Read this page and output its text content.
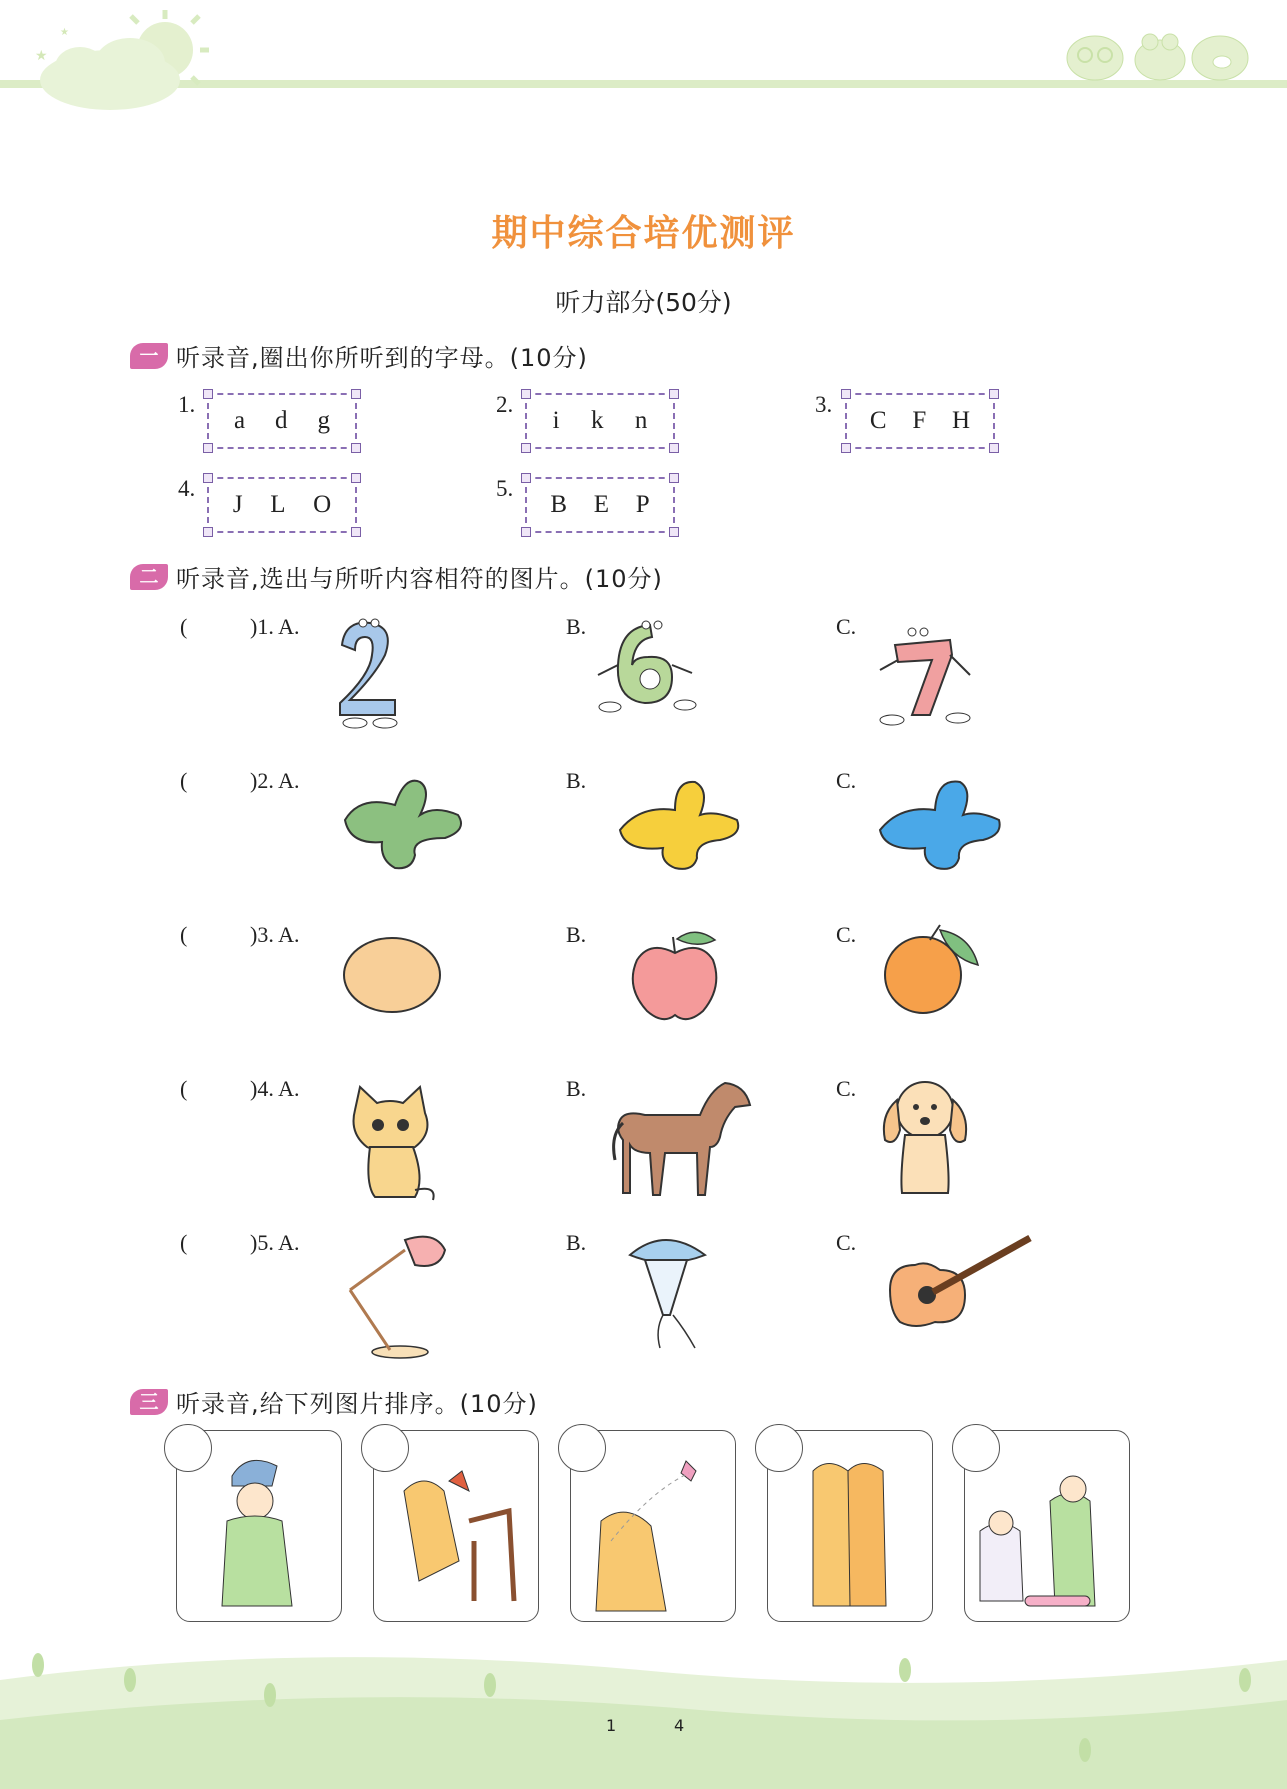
★
★
期中综合培优测评
听力部分(50分)
一 听录音,圈出你所听到的字母。(10分)
1.
a d g
2.
i k n
3.
C F H
4.
J L O
5.
B E P
二 听录音,选出与所听内容相符的图片。(10分)
(	)1. A.	B.	C.
(	)2. A.	B.	C.
(	)3. A.	B.	C.
(	)4. A.	B.	C.
(	)5. A.	B.	C.
三 听录音,给下列图片排序。(10分)
1	4
